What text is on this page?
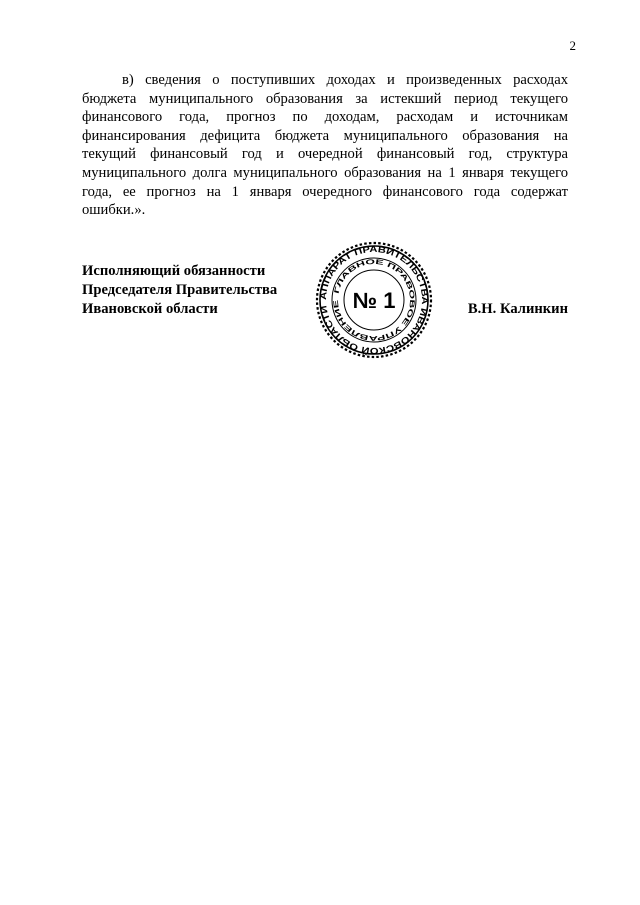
2

в) сведения о поступивших доходах и произведенных расходах бюджета муниципального образования за истекший период текущего финансового года, прогноз по доходам, расходам и источникам финансирования дефицита бюджета муниципального образования на текущий финансовый год и очередной финансовый год, структура муниципального долга муниципального образования на 1 января текущего года, ее прогноз на 1 января очередного финансового года содержат ошибки.».

Исполняющий обязанности
Председателя Правительства
Ивановской области	В.Н. Калинкин
АППАРАТ ПРАВИТЕЛЬСТВА ИВАНОВСКОЙ ОБЛАСТИ
ГЛАВНОЕ ПРАВОВОЕ УПРАВЛЕНИЕ № 1
